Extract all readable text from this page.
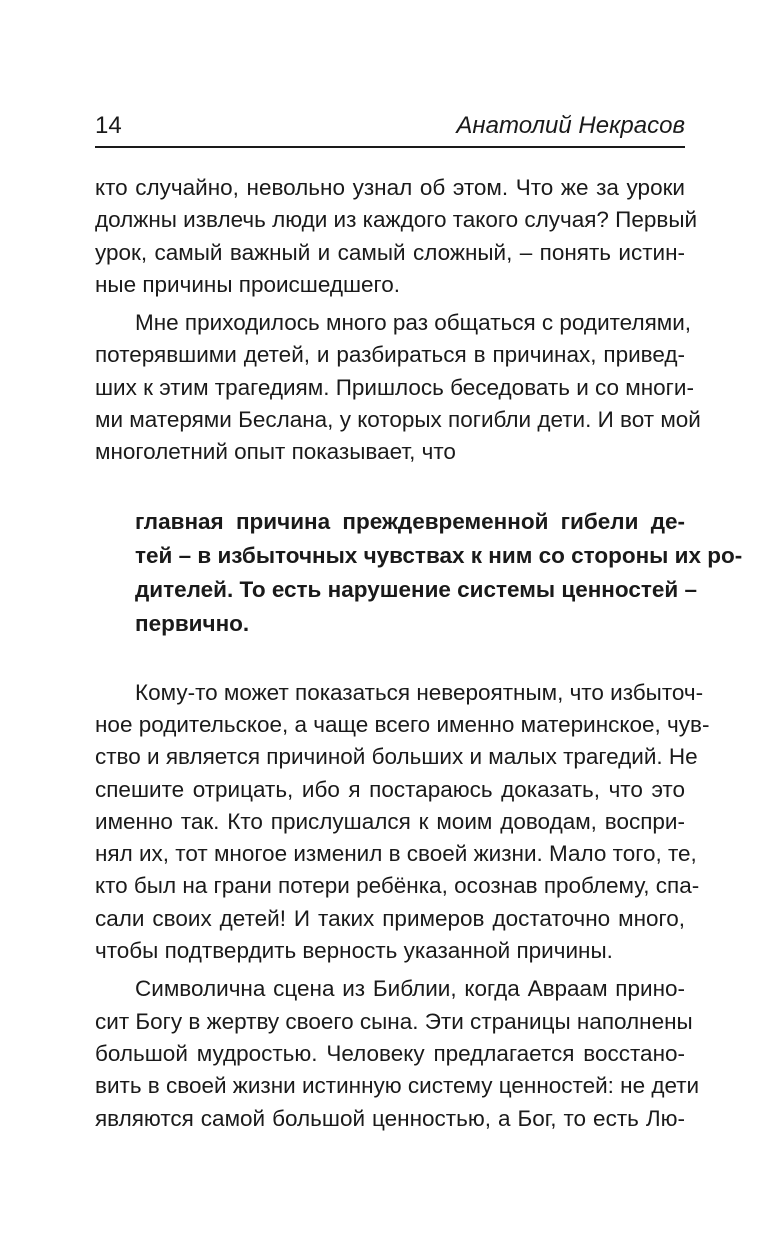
14	Анатолий Некрасов
кто случайно, невольно узнал об этом. Что же за уроки
должны извлечь люди из каждого такого случая? Первый
урок, самый важный и самый сложный, – понять истин-
ные причины происшедшего.
Мне приходилось много раз общаться с родителями,
потерявшими детей, и разбираться в причинах, привед-
ших к этим трагедиям. Пришлось беседовать и со многи-
ми матерями Беслана, у которых погибли дети. И вот мой
многолетний опыт показывает, что
главная причина преждевременной гибели де-
тей – в избыточных чувствах к ним со стороны их ро-
дителей. То есть нарушение системы ценностей –
первично.
Кому-то может показаться невероятным, что избыточ-
ное родительское, а чаще всего именно материнское, чув-
ство и является причиной больших и малых трагедий. Не
спешите отрицать, ибо я постараюсь доказать, что это
именно так. Кто прислушался к моим доводам, воспри-
нял их, тот многое изменил в своей жизни. Мало того, те,
кто был на грани потери ребёнка, осознав проблему, спа-
сали своих детей! И таких примеров достаточно много,
чтобы подтвердить верность указанной причины.
Символична сцена из Библии, когда Авраам прино-
сит Богу в жертву своего сына. Эти страницы наполнены
большой мудростью. Человеку предлагается восстано-
вить в своей жизни истинную систему ценностей: не дети
являются самой большой ценностью, а Бог, то есть Лю-
